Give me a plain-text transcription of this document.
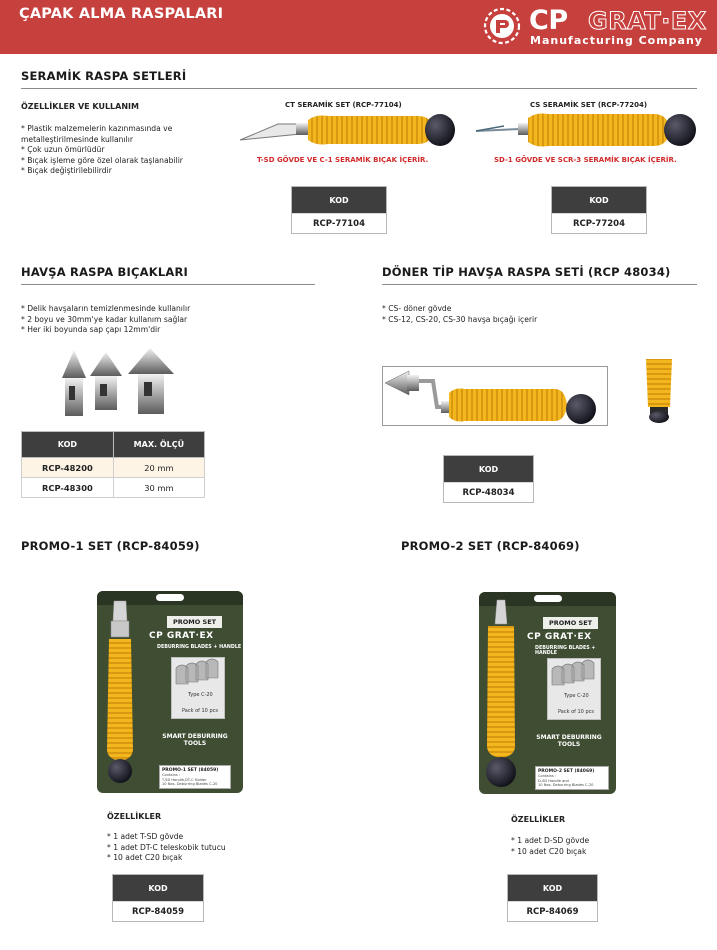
ÇAPAK ALMA RASPALARI	CP GRAT·EX
Manufacturing Company
SERAMİK RASPA SETLERİ
ÖZELLİKLER VE KULLANIM
* Plastik malzemelerin kazınmasında ve
metalleştirilmesinde kullanılır
* Çok uzun ömürlüdür
* Bıçak işleme göre özel olarak taşlanabilir
* Bıçak değiştirilebilirdir
CT SERAMİK SET (RCP-77104)
T-SD GÖVDE VE C-1 SERAMİK BIÇAK İÇERİR.
KOD
RCP-77104
CS SERAMİK SET (RCP-77204)
SD-1 GÖVDE VE SCR-3 SERAMİK BIÇAK İÇERİR.
KOD
RCP-77204
HAVŞA RASPA BIÇAKLARI
* Delik havşaların temizlenmesinde kullanılır
* 2 boyu ve 30mm'ye kadar kullanım sağlar
* Her iki boyunda sap çapı 12mm'dir
KOD	MAX. ÖLÇÜ
RCP-48200	20 mm
RCP-48300	30 mm
DÖNER TİP HAVŞA RASPA SETİ (RCP 48034)
* CS- döner gövde
* CS-12, CS-20, CS-30 havşa bıçağı içerir
KOD
RCP-48034
PROMO-1 SET (RCP-84059)
PROMO SET
CP GRAT·EX
DEBURRING BLADES + HANDLE
Type C-20
Pack of 10 pcs
SMART DEBURRING
TOOLS
PROMO-1 SET (84059)
Contains :
T-SD Handle,DT-C Holder
10 Nos. Deburring Blades C-20
ÖZELLİKLER
* 1 adet T-SD gövde
* 1 adet DT-C teleskobik tutucu
* 10 adet C20 bıçak
KOD
RCP-84059
PROMO-2 SET (RCP-84069)
PROMO SET
CP GRAT·EX
DEBURRING BLADES + HANDLE
Type C-20
Pack of 10 pcs
SMART DEBURRING
TOOLS
PROMO-2 SET (84069)
Contains :
D-SD Handle and
10 Nos. Deburring Blades C-20
ÖZELLİKLER
* 1 adet D-SD gövde
* 10 adet C20 bıçak
KOD
RCP-84069
